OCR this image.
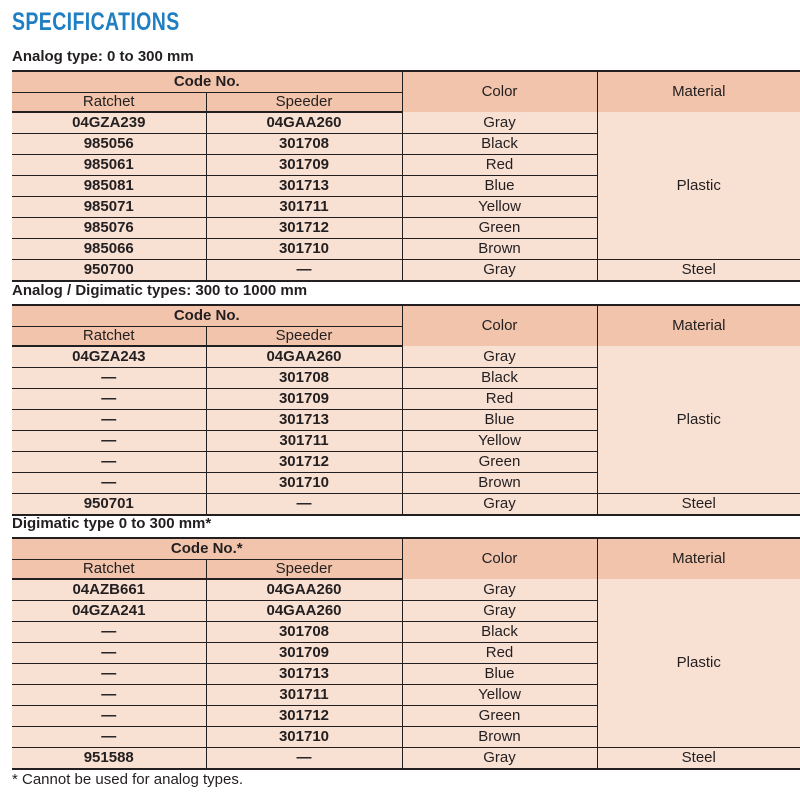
SPECIFICATIONS
Analog type: 0 to 300 mm
Code No.		Color	Material
Ratchet	Speeder		
04GZA239	04GAA260	Gray	Plastic
985056	301708	Black	
985061	301709	Red	
985081	301713	Blue	
985071	301711	Yellow	
985076	301712	Green	
985066	301710	Brown	
950700	—	Gray	Steel
Analog / Digimatic types: 300 to 1000 mm
Code No.		Color	Material
Ratchet	Speeder		
04GZA243	04GAA260	Gray	Plastic
—	301708	Black	
—	301709	Red	
—	301713	Blue	
—	301711	Yellow	
—	301712	Green	
—	301710	Brown	
950701	—	Gray	Steel
Digimatic type 0 to 300 mm*
Code No.*		Color	Material
Ratchet	Speeder		
04AZB661	04GAA260	Gray	Plastic
04GZA241	04GAA260	Gray	
—	301708	Black	
—	301709	Red	
—	301713	Blue	
—	301711	Yellow	
—	301712	Green	
—	301710	Brown	
951588	—	Gray	Steel
* Cannot be used for analog types.
